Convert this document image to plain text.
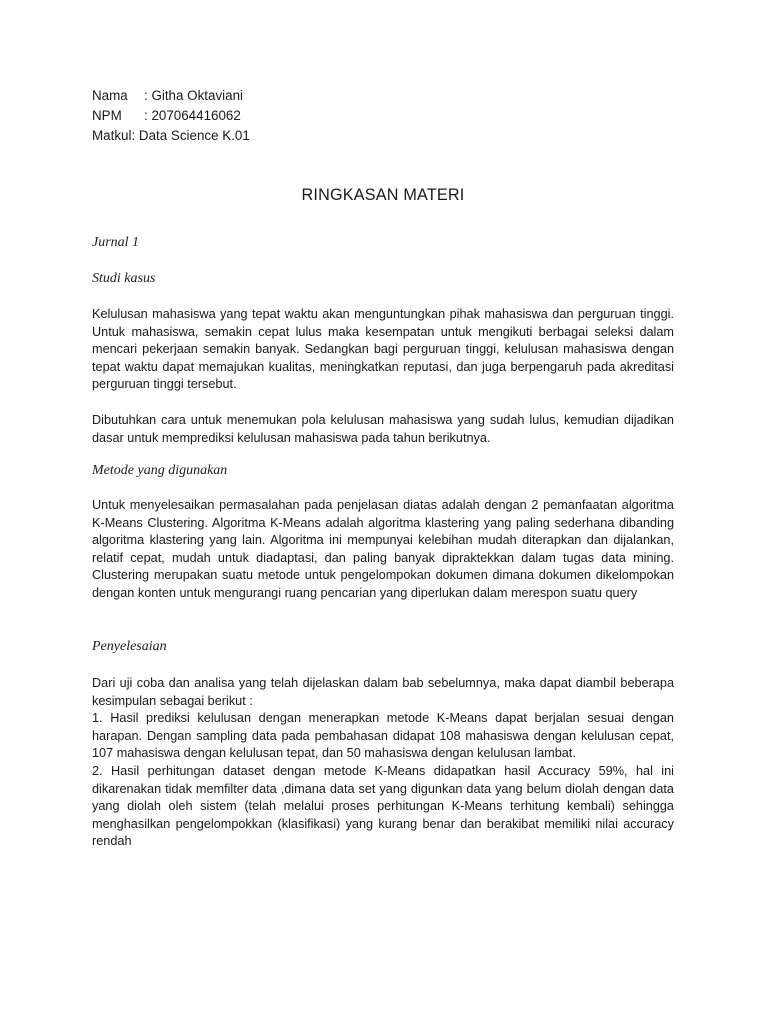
Nama	: Githa Oktaviani
NPM	: 207064416062
Matkul: Data Science K.01
RINGKASAN MATERI
Jurnal 1
Studi kasus
Kelulusan mahasiswa yang tepat waktu akan menguntungkan pihak mahasiswa dan perguruan tinggi. Untuk mahasiswa, semakin cepat lulus maka kesempatan untuk mengikuti berbagai seleksi dalam mencari pekerjaan semakin banyak. Sedangkan bagi perguruan tinggi, kelulusan mahasiswa dengan tepat waktu dapat memajukan kualitas, meningkatkan reputasi, dan juga berpengaruh pada akreditasi perguruan tinggi tersebut.
Dibutuhkan cara untuk menemukan pola kelulusan mahasiswa yang sudah lulus, kemudian dijadikan dasar untuk memprediksi kelulusan mahasiswa pada tahun berikutnya.
Metode yang digunakan
Untuk menyelesaikan permasalahan pada penjelasan diatas adalah dengan 2 pemanfaatan algoritma K-Means Clustering. Algoritma K-Means adalah algoritma klastering yang paling sederhana dibanding algoritma klastering yang lain. Algoritma ini mempunyai kelebihan mudah diterapkan dan dijalankan, relatif cepat, mudah untuk diadaptasi, dan paling banyak dipraktekkan dalam tugas data mining. Clustering merupakan suatu metode untuk pengelompokan dokumen dimana dokumen dikelompokan dengan konten untuk mengurangi ruang pencarian yang diperlukan dalam merespon suatu query
Penyelesaian
Dari uji coba dan analisa yang telah dijelaskan dalam bab sebelumnya, maka dapat diambil beberapa kesimpulan sebagai berikut :
1. Hasil prediksi kelulusan dengan menerapkan metode K-Means dapat berjalan sesuai dengan harapan. Dengan sampling data pada pembahasan didapat 108 mahasiswa dengan kelulusan cepat, 107 mahasiswa dengan kelulusan tepat, dan 50 mahasiswa dengan kelulusan lambat.
2. Hasil perhitungan dataset dengan metode K-Means didapatkan hasil Accuracy 59%, hal ini dikarenakan tidak memfilter data ,dimana data set yang digunkan data yang belum diolah dengan data yang diolah oleh sistem (telah melalui proses perhitungan K-Means terhitung kembali) sehingga menghasilkan pengelompokkan (klasifikasi) yang kurang benar dan berakibat memiliki nilai accuracy rendah
